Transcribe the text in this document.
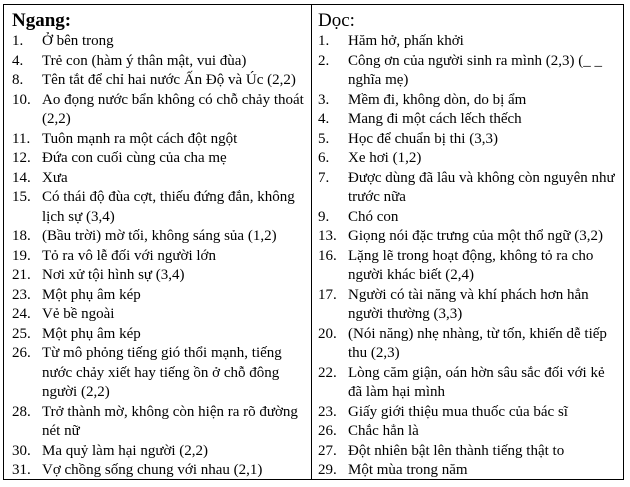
Ngang:
1.	Ở bên trong
4.	Trẻ con (hàm ý thân mật, vui đùa)
8.	Tên tắt để chỉ hai nước Ấn Độ và Úc (2,2)
10. Ao đọng nước bẩn không có chỗ chảy thoát (2,2)
11. Tuôn mạnh ra một cách đột ngột
12. Đứa con cuối cùng của cha mẹ
14. Xưa
15. Có thái độ đùa cợt, thiếu đứng đắn, không lịch sự (3,4)
18. (Bầu trời) mờ tối, không sáng sủa (1,2)
19. Tỏ ra vô lễ đối với người lớn
21. Nơi xử tội hình sự (3,4)
23. Một phụ âm kép
24. Vẻ bề ngoài
25. Một phụ âm kép
26. Từ mô phỏng tiếng gió thổi mạnh, tiếng nước chảy xiết hay tiếng ồn ở chỗ đông người (2,2)
28. Trở thành mờ, không còn hiện ra rõ đường nét nữ
30. Ma quỷ làm hại người (2,2)
31. Vợ chồng sống chung với nhau (2,1)
Dọc:
1.	Hăm hở, phấn khởi
2.	Công ơn của người sinh ra mình (2,3) (_ _ nghĩa mẹ)
3.	Mềm đi, không dòn, do bị ẩm
4.	Mang đi một cách lếch thếch
5.	Học để chuẩn bị thi (3,3)
6.	Xe hơi (1,2)
7.	Được dùng đã lâu và không còn nguyên như trước nữa
9.	Chó con
13. Giọng nói đặc trưng của một thổ ngữ (3,2)
16. Lặng lẽ trong hoạt động, không tỏ ra cho người khác biết (2,4)
17. Người có tài năng và khí phách hơn hẳn người thường (3,3)
20. (Nói năng) nhẹ nhàng, từ tốn, khiến dễ tiếp thu (2,3)
22. Lòng căm giận, oán hờn sâu sắc đối với kẻ đã làm hại mình
23. Giấy giới thiệu mua thuốc của bác sĩ
26. Chắc hẳn là
27. Đột nhiên bật lên thành tiếng thật to
29. Một mùa trong năm
